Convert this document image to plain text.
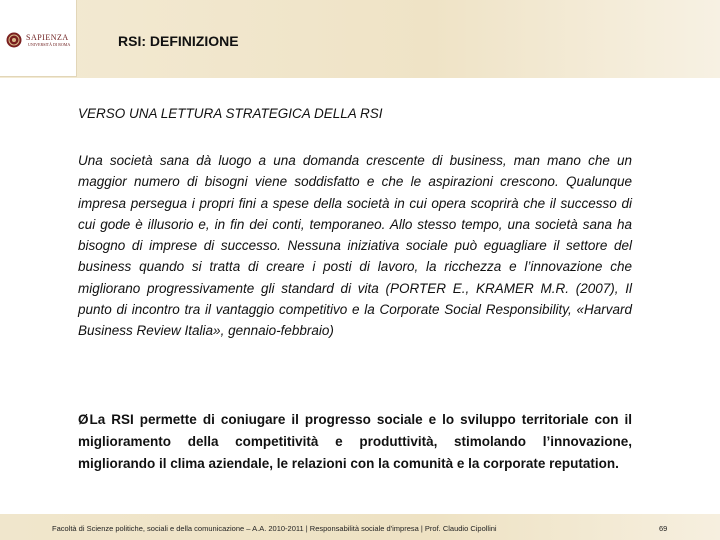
SAPIENZA
UNIVERSITÀ DI ROMA	RSI: DEFINIZIONE
VERSO UNA LETTURA STRATEGICA DELLA RSI
Una società sana dà luogo a una domanda crescente di business, man mano che un maggior numero di bisogni viene soddisfatto e che le aspirazioni crescono. Qualunque impresa persegua i propri fini a spese della società in cui opera scoprirà che il successo di cui gode è illusorio e, in fin dei conti, temporaneo. Allo stesso tempo, una società sana ha bisogno di imprese di successo. Nessuna iniziativa sociale può eguagliare il settore del business quando si tratta di creare i posti di lavoro, la ricchezza e l’innovazione che migliorano progressivamente gli standard di vita (PORTER E., KRAMER M.R. (2007), Il punto di incontro tra il vantaggio competitivo e la Corporate Social Responsibility, «Harvard Business Review Italia», gennaio-febbraio)
ØLa RSI permette di coniugare il progresso sociale e lo sviluppo territoriale con il miglioramento della competitività e produttività, stimolando l’innovazione, migliorando il clima aziendale, le relazioni con la comunità e la corporate reputation.
Facoltà di Scienze politiche, sociali e della comunicazione – A.A. 2010-2011 | Responsabilità sociale d'impresa | Prof. Claudio Cipollini	69
